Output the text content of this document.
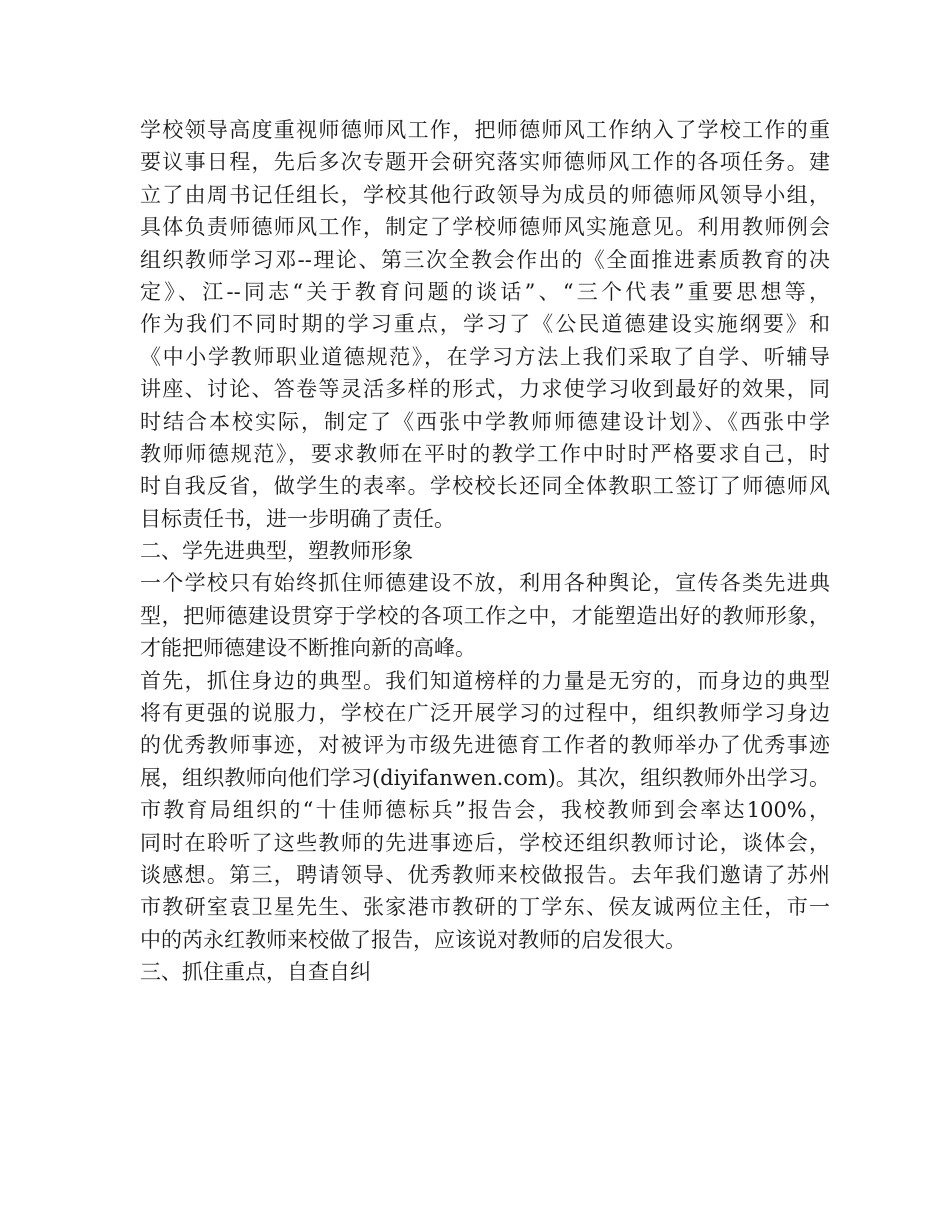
学校领导高度重视师德师风工作，把师德师风工作纳入了学校工作的重
要议事日程，先后多次专题开会研究落实师德师风工作的各项任务。建
立了由周书记任组长，学校其他行政领导为成员的师德师风领导小组，
具体负责师德师风工作，制定了学校师德师风实施意见。利用教师例会
组织教师学习邓--理论、第三次全教会作出的《全面推进素质教育的决
定》、江--同志“关于教育问题的谈话”、“三个代表”重要思想等，
作为我们不同时期的学习重点，学习了《公民道德建设实施纲要》和
《中小学教师职业道德规范》，在学习方法上我们采取了自学、听辅导
讲座、讨论、答卷等灵活多样的形式，力求使学习收到最好的效果，同
时结合本校实际，制定了《西张中学教师师德建设计划》、《西张中学
教师师德规范》，要求教师在平时的教学工作中时时严格要求自己，时
时自我反省，做学生的表率。学校校长还同全体教职工签订了师德师风
目标责任书，进一步明确了责任。
二、学先进典型，塑教师形象
一个学校只有始终抓住师德建设不放，利用各种舆论，宣传各类先进典
型，把师德建设贯穿于学校的各项工作之中，才能塑造出好的教师形象，
才能把师德建设不断推向新的高峰。
首先，抓住身边的典型。我们知道榜样的力量是无穷的，而身边的典型
将有更强的说服力，学校在广泛开展学习的过程中，组织教师学习身边
的优秀教师事迹，对被评为市级先进德育工作者的教师举办了优秀事迹
展，组织教师向他们学习(diyifanwen.com)。其次，组织教师外出学习。
市教育局组织的“十佳师德标兵”报告会，我校教师到会率达100%，
同时在聆听了这些教师的先进事迹后，学校还组织教师讨论，谈体会，
谈感想。第三，聘请领导、优秀教师来校做报告。去年我们邀请了苏州
市教研室袁卫星先生、张家港市教研的丁学东、侯友诚两位主任，市一
中的芮永红教师来校做了报告，应该说对教师的启发很大。
三、抓住重点，自查自纠
